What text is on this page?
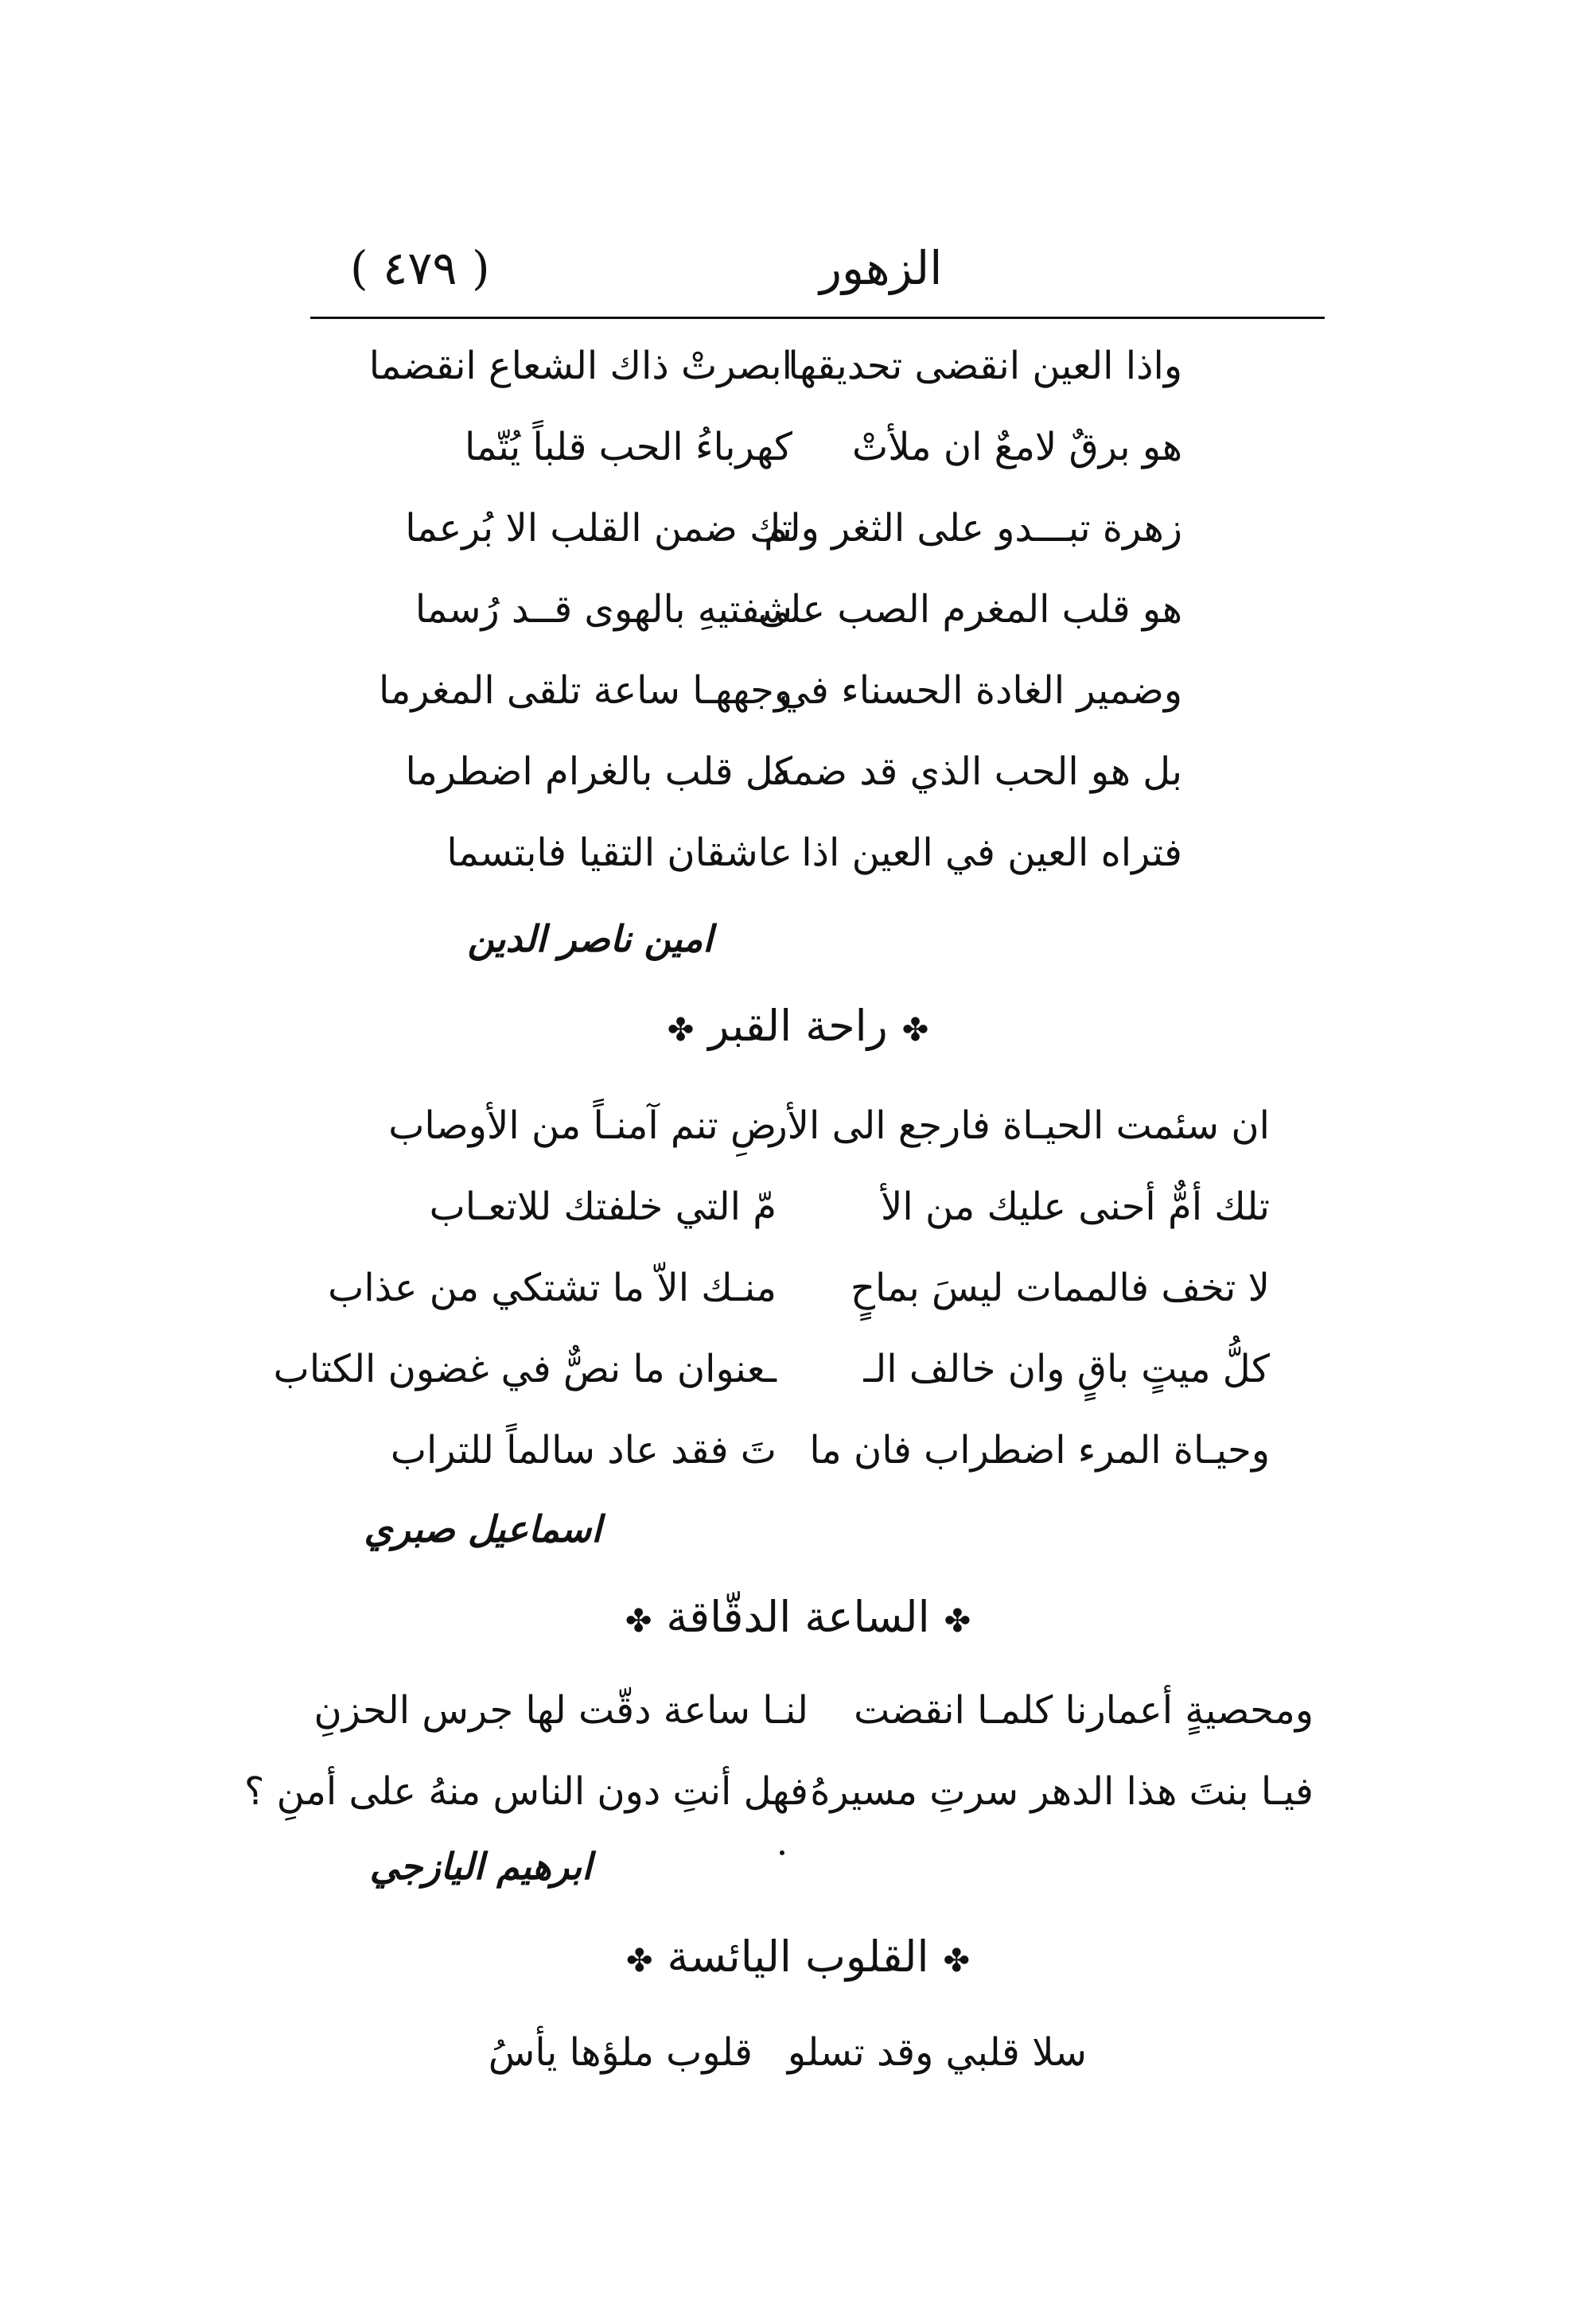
( ٤٧٩ )	الزهور
واذا العين انقضى تحديقها
ابصرتْ ذاك الشعاع انقضما
هو برقٌ لامعٌ ان ملأتْ
كهرباءُ الحب قلباً يُتّما
زهرة تبـــدو على الثغر ولم
تك ضمن القلب الا بُرعما
هو قلب المغرم الصب على
شفتيهِ بالهوى قــد رُسما
وضمير الغادة الحسناء في
وجههـا ساعة تلقى المغرما
بل هو الحب الذي قد ضمه
كل قلب بالغرام اضطرما
فتراه العين في العين اذا
عاشقان التقيا فابتسما
امين ناصر الدين
✤راحة القبر✤
ان سئمت الحيـاة فارجع الى الأر
ضِ تنم آمنـاً من الأوصاب
تلك أمٌّ أحنى عليك من الأ
مّ التي خلفتك للاتعـاب
لا تخف فالممات ليسَ بماحٍ
منـك الاّ ما تشتكي من عذاب
كلُّ ميتٍ باقٍ وان خالف الـ
ـعنوان ما نصٌّ في غضون الكتاب
وحيـاة المرء اضطراب فان ما
تَ فقد عاد سالماً للتراب
اسماعيل صبري
✤الساعة الدقّاقة✤
ومحصيةٍ أعمارنا كلمـا انقضت
لنـا ساعة دقّت لها جرس الحزنِ
فيـا بنتَ هذا الدهر سرتِ مسيرهُ
فهل أنتِ دون الناس منهُ على أمنِ ؟
ابرهيم اليازجي
✤القلوب اليائسة✤
سلا قلبي وقد تسلو
قلوب ملؤها يأسُ
